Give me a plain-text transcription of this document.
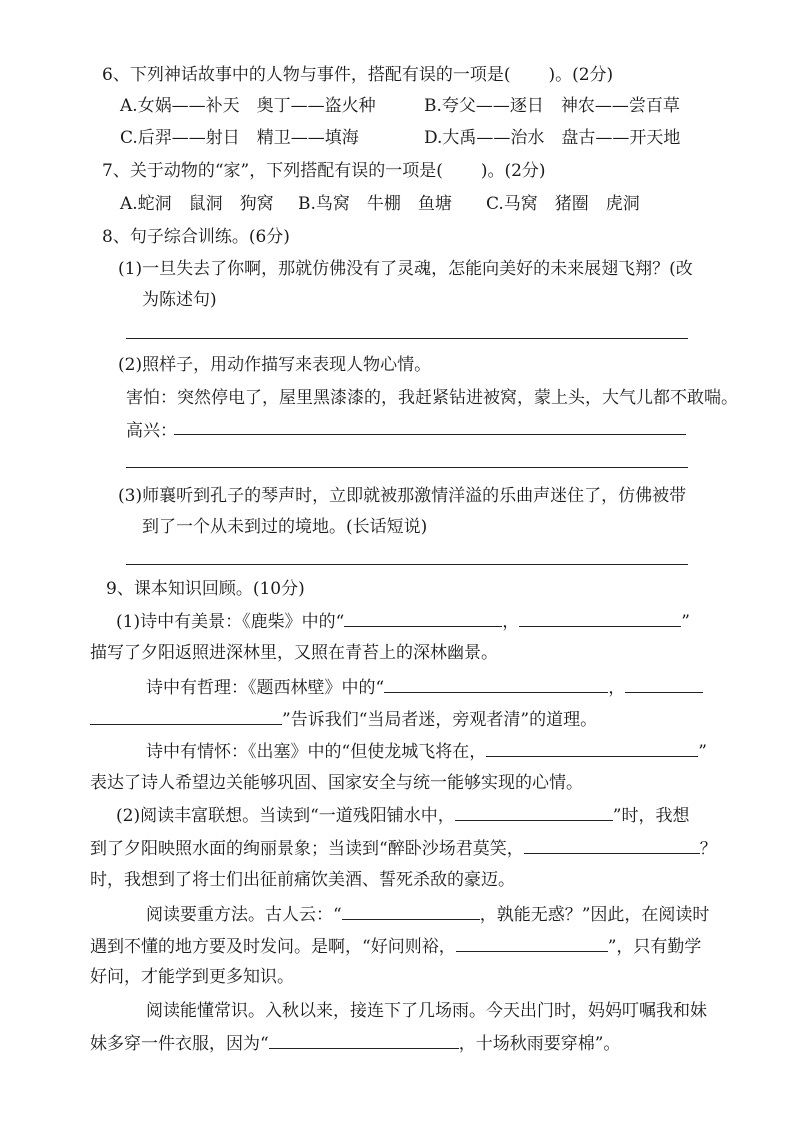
6、下列神话故事中的人物与事件，搭配有误的一项是( )。(2分)
A.女娲——补天　奥丁——盗火种	B.夸父——逐日　神农——尝百草
C.后羿——射日　精卫——填海	D.大禹——治水　盘古——开天地
7、关于动物的“家”，下列搭配有误的一项是( )。(2分)
A.蛇洞　鼠洞　狗窝 B.鸟窝　牛棚　鱼塘 C.马窝　猪圈　虎洞
8、句子综合训练。(6分)
(1)一旦失去了你啊，那就仿佛没有了灵魂，怎能向美好的未来展翅飞翔？(改
为陈述句)
(2)照样子，用动作描写来表现人物心情。
害怕：突然停电了，屋里黑漆漆的，我赶紧钻进被窝，蒙上头，大气儿都不敢喘。
高兴：
(3)师襄听到孔子的琴声时，立即就被那激情洋溢的乐曲声迷住了，仿佛被带
到了一个从未到过的境地。(长话短说)
9、课本知识回顾。(10分)
(1)诗中有美景：《鹿柴》中的“	，	”
描写了夕阳返照进深林里，又照在青苔上的深林幽景。
诗中有哲理：《题西林壁》中的“	，
”告诉我们“当局者迷，旁观者清”的道理。
诗中有情怀：《出塞》中的“但使龙城飞将在，	”
表达了诗人希望边关能够巩固、国家安全与统一能够实现的心情。
(2)阅读丰富联想。当读到“一道残阳铺水中，	”时，我想
到了夕阳映照水面的绚丽景象；当读到“醉卧沙场君莫笑，	？
时，我想到了将士们出征前痛饮美酒、誓死杀敌的豪迈。
阅读要重方法。古人云：“	，孰能无惑？”因此，在阅读时
遇到不懂的地方要及时发问。是啊，“好问则裕，	”，只有勤学
好问，才能学到更多知识。
阅读能懂常识。入秋以来，接连下了几场雨。今天出门时，妈妈叮嘱我和妹
妹多穿一件衣服，因为“	，十场秋雨要穿棉”。
